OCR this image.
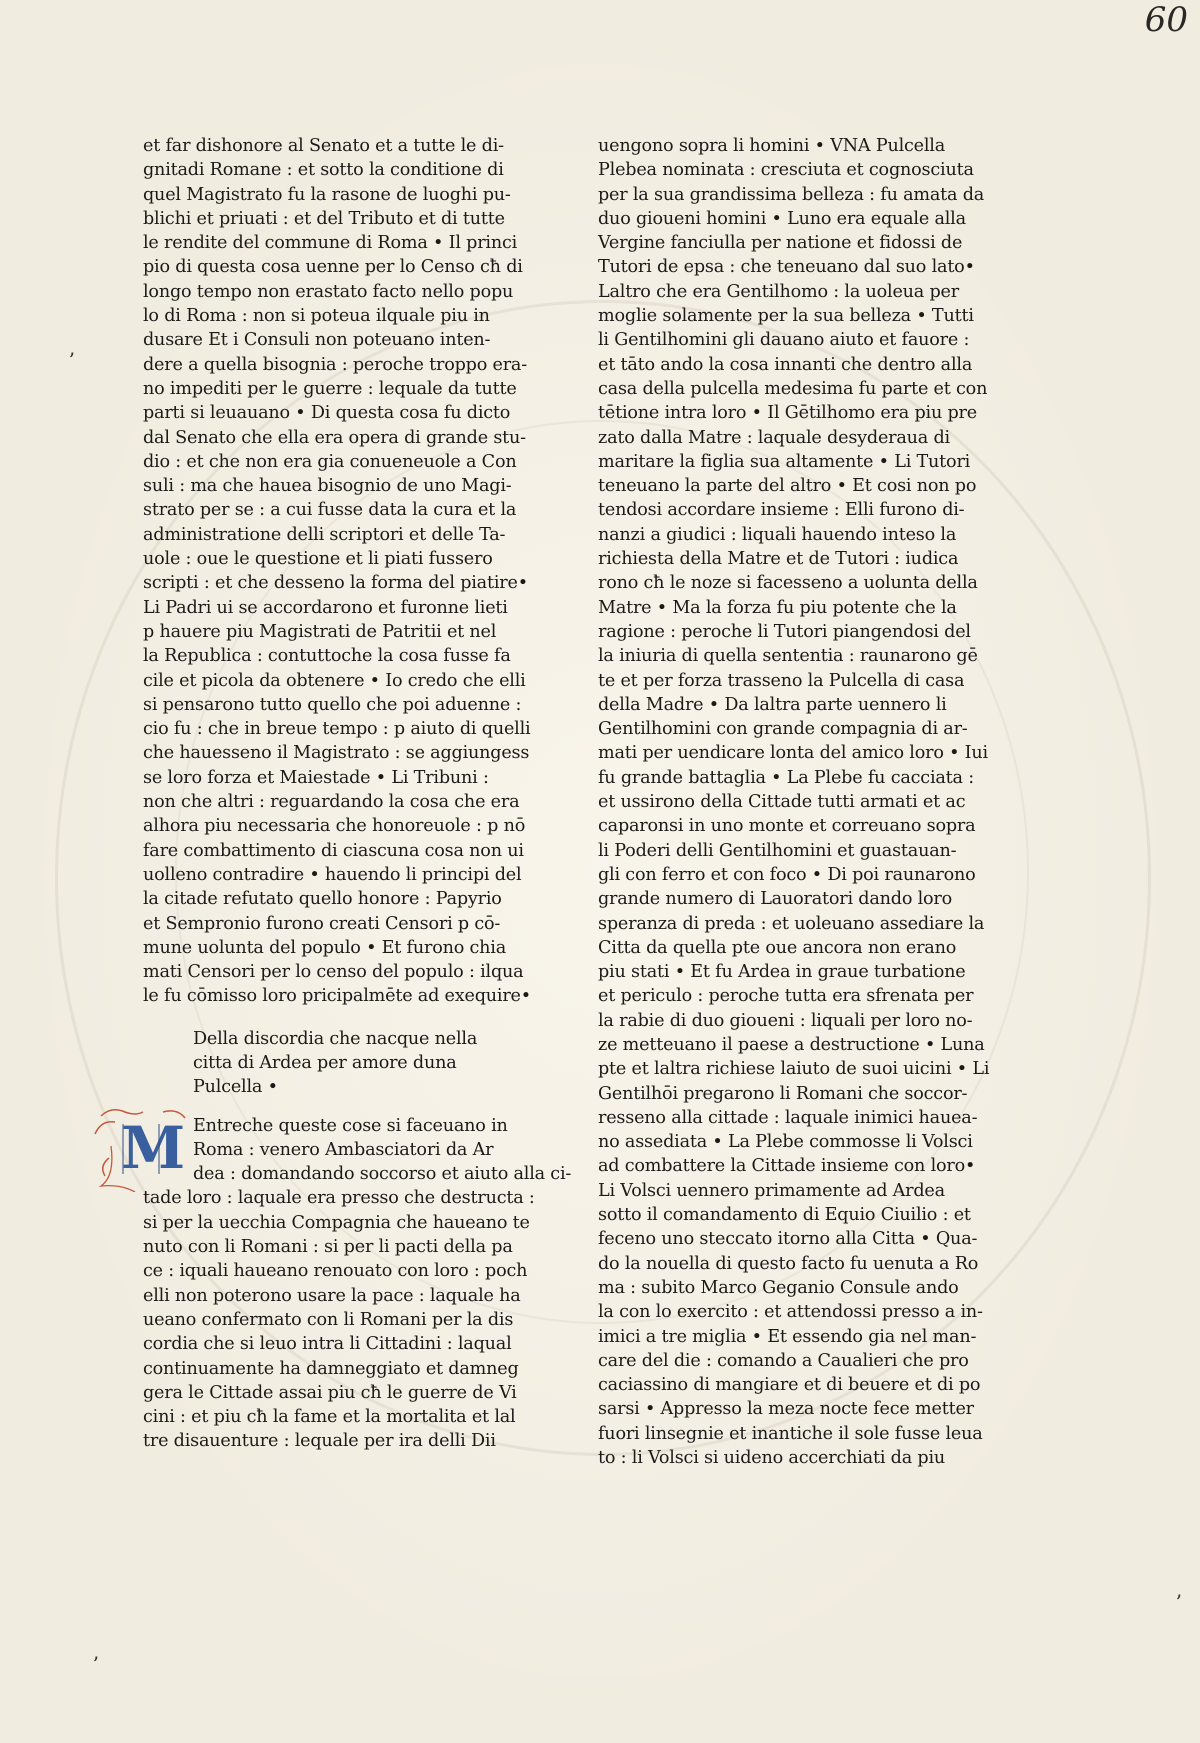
60
et far dishonore al Senato et a tutte le di-
gnitadi Romane : et sotto la conditione di
quel Magistrato fu la rasone de luoghi pu-
blichi et priuati : et del Tributo et di tutte
le rendite del commune di Roma • Il princi
pio di questa cosa uenne per lo Censo cħ di
longo tempo non erastato facto nello popu
lo di Roma : non si poteua ilquale piu in
dusare Et i Consuli non poteuano inten-
dere a quella bisognia : peroche troppo era-
no impediti per le guerre : lequale da tutte
parti si leuauano • Di questa cosa fu dicto
dal Senato che ella era opera di grande stu-
dio : et che non era gia conueneuole a Con
suli : ma che hauea bisognio de uno Magi-
strato per se : a cui fusse data la cura et la
administratione delli scriptori et delle Ta-
uole : oue le questione et li piati fussero
scripti : et che desseno la forma del piatire•
Li Padri ui se accordarono et furonne lieti
p hauere piu Magistrati de Patritii et nel
la Republica : contuttoche la cosa fusse fa
cile et picola da obtenere • Io credo che elli
si pensarono tutto quello che poi aduenne :
cio fu : che in breue tempo : p aiuto di quelli
che hauesseno il Magistrato : se aggiungess
se loro forza et Maiestade • Li Tribuni :
non che altri : reguardando la cosa che era
alhora piu necessaria che honoreuole : p nō
fare combattimento di ciascuna cosa non ui
uolleno contradire • hauendo li principi del
la citade refutato quello honore : Papyrio
et Sempronio furono creati Censori p cō-
mune uolunta del populo • Et furono chia
mati Censori per lo censo del populo : ilqua
le fu cōmisso loro pricipalmēte ad exequire•
Della discordia che nacque nella
citta di Ardea per amore duna
Pulcella •
M Entreche queste cose si faceuano in
Roma : venero Ambasciatori da Ar
dea : domandando soccorso et aiuto alla ci-
tade loro : laquale era presso che destructa :
si per la uecchia Compagnia che haueano te
nuto con li Romani : si per li pacti della pa
ce : iquali haueano renouato con loro : poch
elli non poterono usare la pace : laquale ha
ueano confermato con li Romani per la dis
cordia che si leuo intra li Cittadini : laqual
continuamente ha damneggiato et damneg
gera le Cittade assai piu cħ le guerre de Vi
cini : et piu cħ la fame et la mortalita et lal
tre disauenture : lequale per ira delli Dii
uengono sopra li homini • VNA Pulcella
Plebea nominata : cresciuta et cognosciuta
per la sua grandissima belleza : fu amata da
duo giouenі homini • Luno era equale alla
Vergine fanciulla per natione et fidossi de
Tutori de epsa : che teneuano dal suo lato•
Laltro che era Gentilhomo : la uoleua per
moglie solamente per la sua belleza • Tutti
li Gentilhomini gli dauano aiuto et fauore :
et tāto ando la cosa innanti che dentro alla
casa della pulcella medesima fu parte et con
tētione intra loro • Il Gētilhomo era piu pre
zato dalla Matre : laquale desyderaua di
maritare la figlia sua altamente • Li Tutori
teneuano la parte del altro • Et cosi non po
tendosi accordare insieme : Elli furono di-
nanzi a giudici : liquali hauendo inteso la
richiesta della Matre et de Tutori : iudica
rono cħ le noze si facesseno a uolunta della
Matre • Ma la forza fu piu potente che la
ragione : peroche li Tutori piangendosi del
la iniuria di quella sententia : raunarono gē
te et per forza trasseno la Pulcella di casa
della Madre • Da laltra parte uennero li
Gentilhomini con grande compagnia di ar-
mati per uendicare lonta del amico loro • Iui
fu grande battaglia • La Plebe fu cacciata :
et ussirono della Cittade tutti armati et ac
caparonsi in uno monte et correuano sopra
li Poderi delli Gentilhomini et guastauan-
gli con ferro et con foco • Di poi raunarono
grande numero di Lauoratori dando loro
speranza di preda : et uoleuano assediare la
Citta da quella pte oue ancora non erano
piu stati • Et fu Ardea in graue turbatione
et periculo : peroche tutta era sfrenata per
la rabie di duo giouenі : liquali per loro no-
ze metteuano il paese a destructione • Luna
pte et laltra richiese laiuto de suoi uicini • Li
Gentilhōi pregarono li Romani che soccor-
resseno alla cittade : laquale inimici hauea-
no assediata • La Plebe commosse li Volsci
ad combattere la Cittade insieme con loro•
Li Volsci uennero primamente ad Ardea
sotto il comandamento di Equio Ciuilio : et
feceno uno steccato itorno alla Citta • Qua-
do la nouella di questo facto fu uenuta a Ro
ma : subito Marco Geganio Consule ando
la con lo exercito : et attendossi presso a in-
imici a tre miglia • Et essendo gia nel man-
care del die : comando a Caualieri che pro
caciassino di mangiare et di beuere et di po
sarsi • Appresso la meza nocte fece metter
fuori linsegnie et inantiche il sole fusse leua
to : li Volsci si uideno accerchiati da piu
ʼ
ʼ
ʼ
